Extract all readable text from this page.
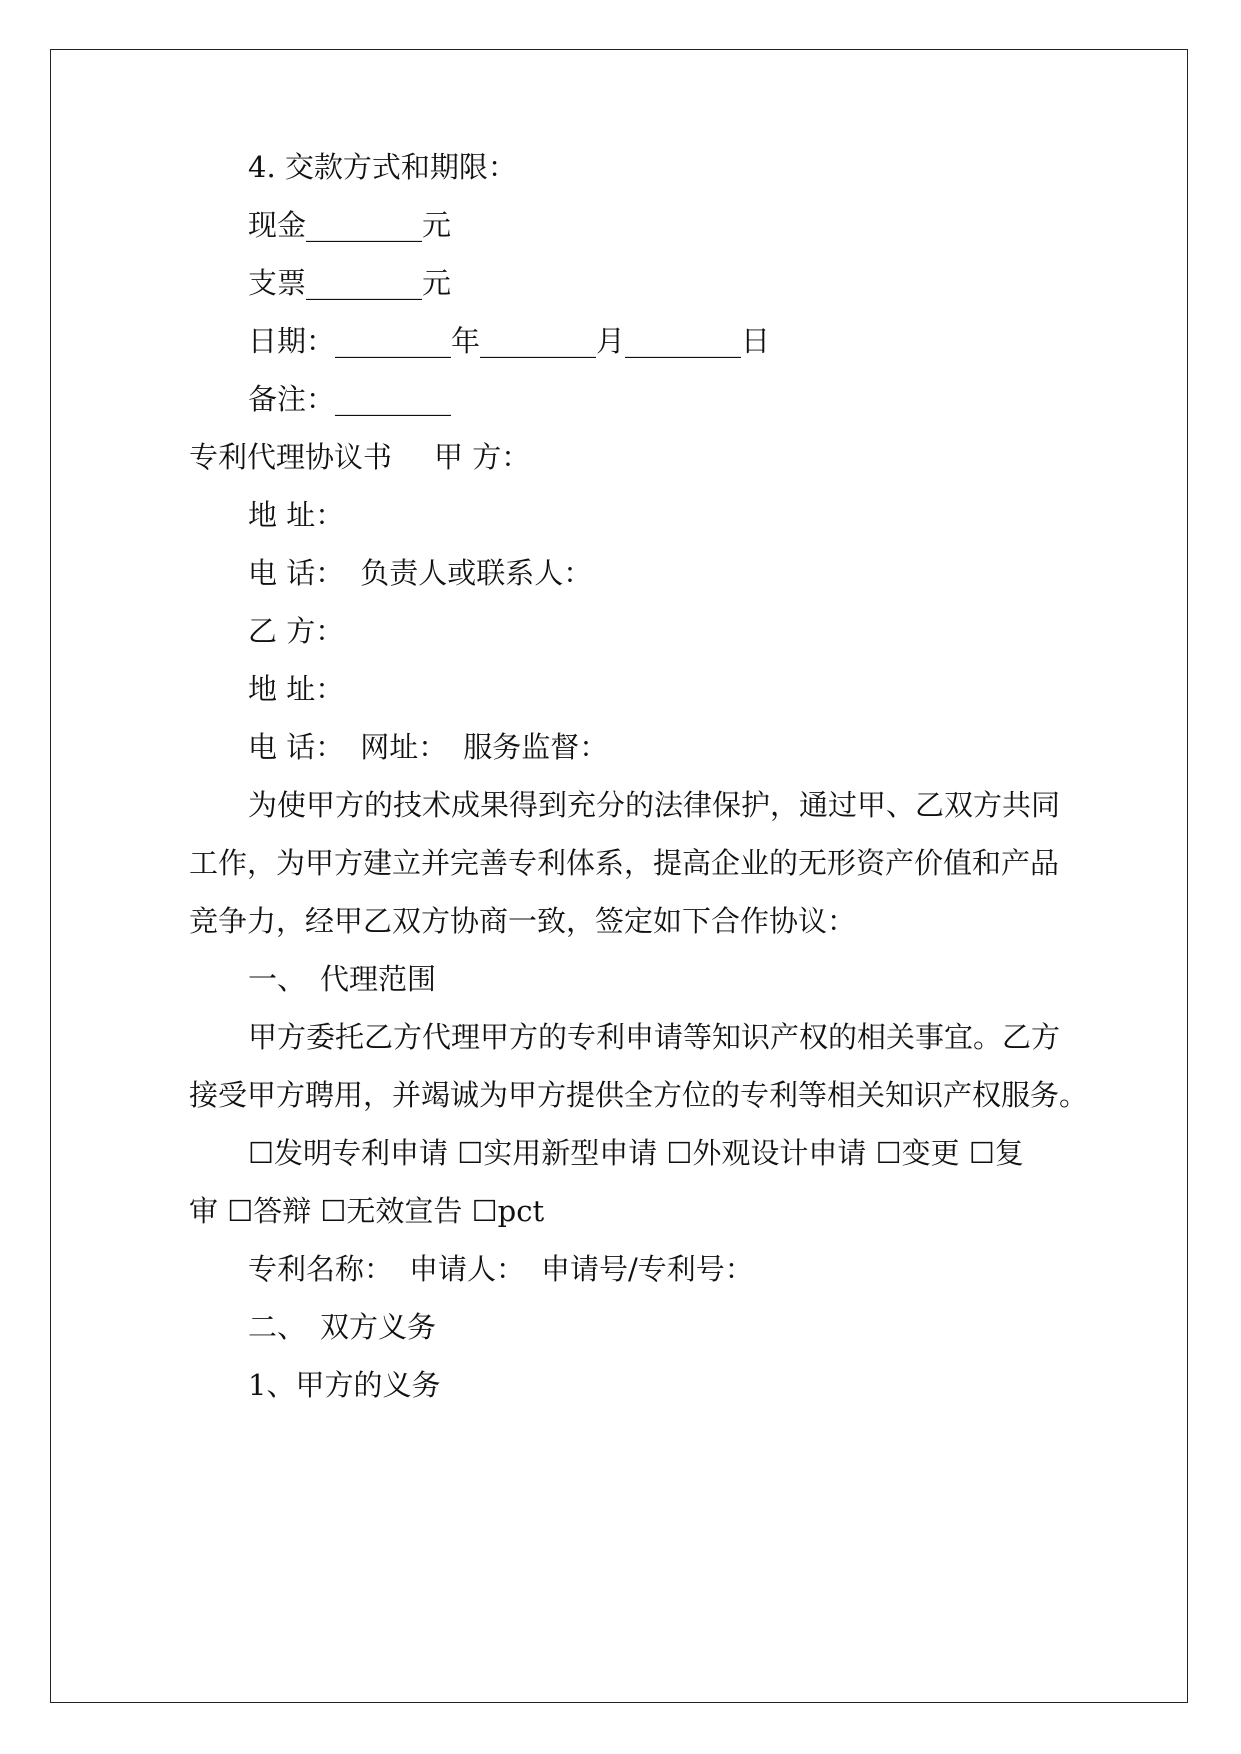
4. 交款方式和期限：
现金________元
支票________元
日期：________年________月________日
备注：________
专利代理协议书 甲 方：
地 址：
电 话： 负责人或联系人：
乙 方：
地 址：
电 话： 网址： 服务监督：
为使甲方的技术成果得到充分的法律保护，通过甲、乙双方共同
工作，为甲方建立并完善专利体系，提高企业的无形资产价值和产品
竞争力，经甲乙双方协商一致，签定如下合作协议：
一、 代理范围
甲方委托乙方代理甲方的专利申请等知识产权的相关事宜。乙方
接受甲方聘用，并竭诚为甲方提供全方位的专利等相关知识产权服务。
☐发明专利申请 ☐实用新型申请 ☐外观设计申请 ☐变更 ☐复
审 ☐答辩 ☐无效宣告 ☐pct
专利名称： 申请人： 申请号/专利号：
二、 双方义务
1、甲方的义务
